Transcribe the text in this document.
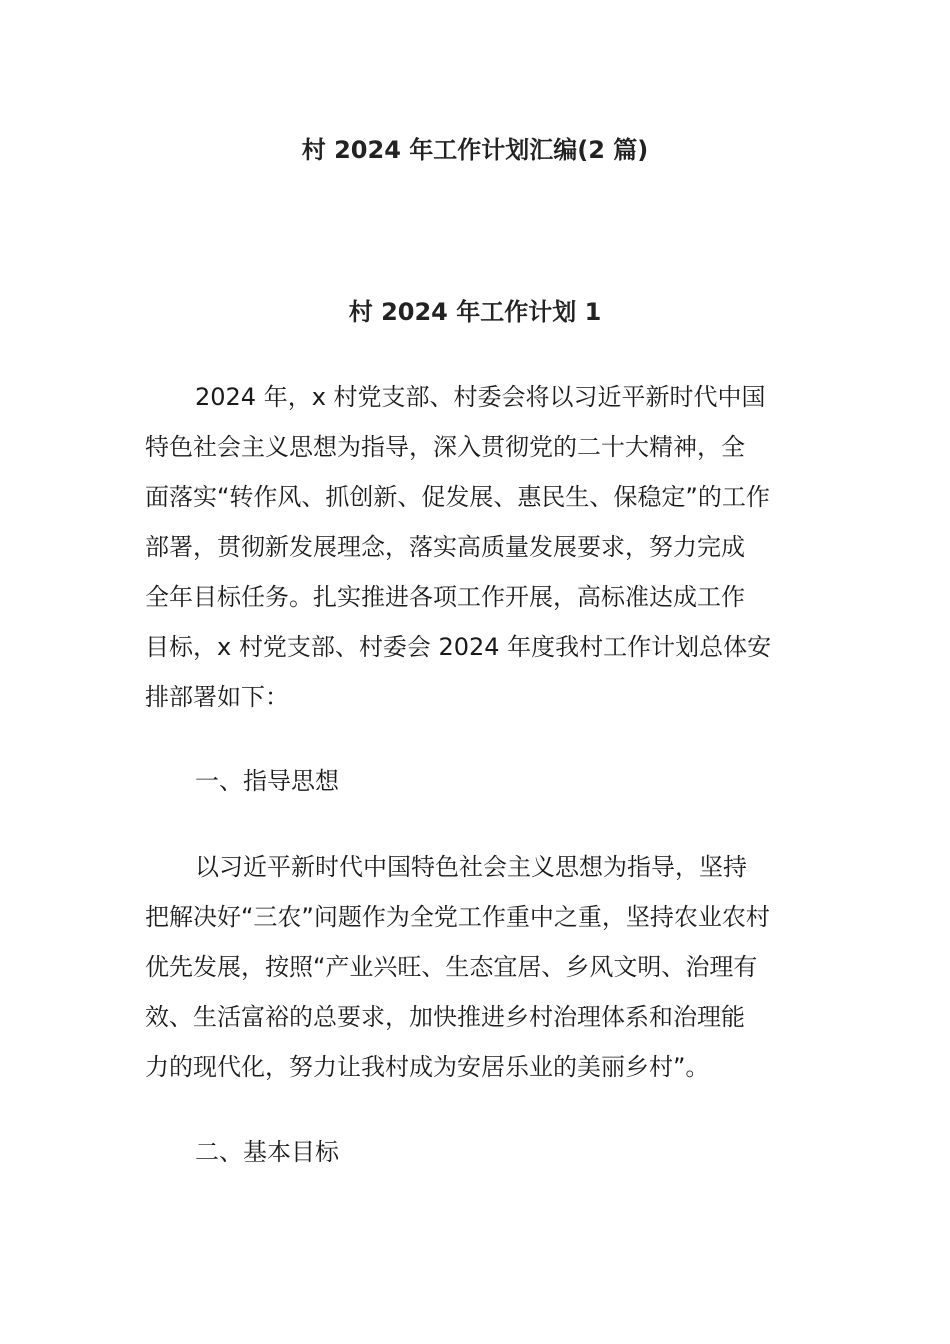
村 2024 年工作计划汇编(2 篇)
村 2024 年工作计划 1
2024 年，x 村党支部、村委会将以习近平新时代中国
特色社会主义思想为指导，深入贯彻党的二十大精神，全
面落实“转作风、抓创新、促发展、惠民生、保稳定”的工作
部署，贯彻新发展理念，落实高质量发展要求，努力完成
全年目标任务。扎实推进各项工作开展，高标准达成工作
目标，x 村党支部、村委会 2024 年度我村工作计划总体安
排部署如下：
一、指导思想
以习近平新时代中国特色社会主义思想为指导，坚持
把解决好“三农”问题作为全党工作重中之重，坚持农业农村
优先发展，按照“产业兴旺、生态宜居、乡风文明、治理有
效、生活富裕的总要求，加快推进乡村治理体系和治理能
力的现代化，努力让我村成为安居乐业的美丽乡村”。
二、基本目标
